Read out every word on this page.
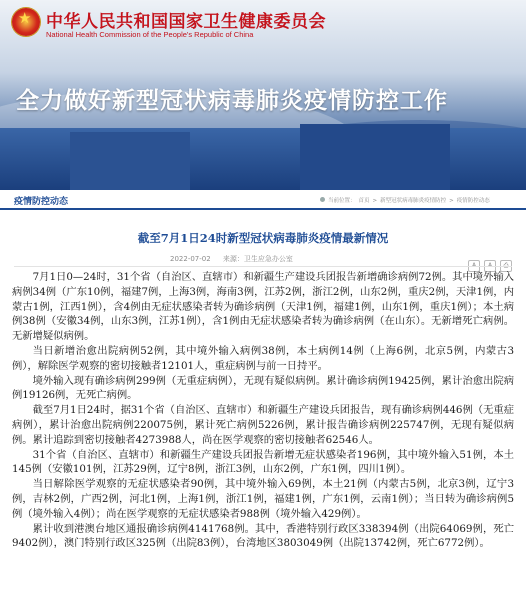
★ 中华人民共和国国家卫生健康委员会
National Health Commission of the People's Republic of China
全力做好新型冠状病毒肺炎疫情防控工作
疫情防控动态	当前位置： 首页 > 新型冠状病毒肺炎疫情防控 > 疫情防控动态
截至7月1日24时新型冠状病毒肺炎疫情最新情况
2022-07-02 来源：卫生应急办公室
A A ⎙

7月1日0—24时，31个省（自治区、直辖市）和新疆生产建设兵团报告新增确诊病例72例。其中境外输入病例34例（广东10例，福建7例，上海3例，海南3例，江苏2例，浙江2例，山东2例，重庆2例，天津1例，内蒙古1例，江西1例），含4例由无症状感染者转为确诊病例（天津1例，福建1例，山东1例，重庆1例）；本土病例38例（安徽34例，山东3例，江苏1例），含1例由无症状感染者转为确诊病例（在山东）。无新增死亡病例。无新增疑似病例。

当日新增治愈出院病例52例，其中境外输入病例38例，本土病例14例（上海6例，北京5例，内蒙古3例），解除医学观察的密切接触者12101人，重症病例与前一日持平。

境外输入现有确诊病例299例（无重症病例），无现有疑似病例。累计确诊病例19425例，累计治愈出院病例19126例，无死亡病例。

截至7月1日24时，据31个省（自治区、直辖市）和新疆生产建设兵团报告，现有确诊病例446例（无重症病例），累计治愈出院病例220075例，累计死亡病例5226例，累计报告确诊病例225747例，无现有疑似病例。累计追踪到密切接触者4273988人，尚在医学观察的密切接触者62546人。

31个省（自治区、直辖市）和新疆生产建设兵团报告新增无症状感染者196例，其中境外输入51例，本土145例（安徽101例，江苏29例，辽宁8例，浙江3例，山东2例，广东1例，四川1例）。

当日解除医学观察的无症状感染者90例，其中境外输入69例，本土21例（内蒙古5例，北京3例，辽宁3例，吉林2例，广西2例，河北1例，上海1例，浙江1例，福建1例，广东1例，云南1例）；当日转为确诊病例5例（境外输入4例）；尚在医学观察的无症状感染者988例（境外输入429例）。

累计收到港澳台地区通报确诊病例4141768例。其中，香港特别行政区338394例（出院64069例，死亡9402例），澳门特别行政区325例（出院83例），台湾地区3803049例（出院13742例，死亡6772例）。
